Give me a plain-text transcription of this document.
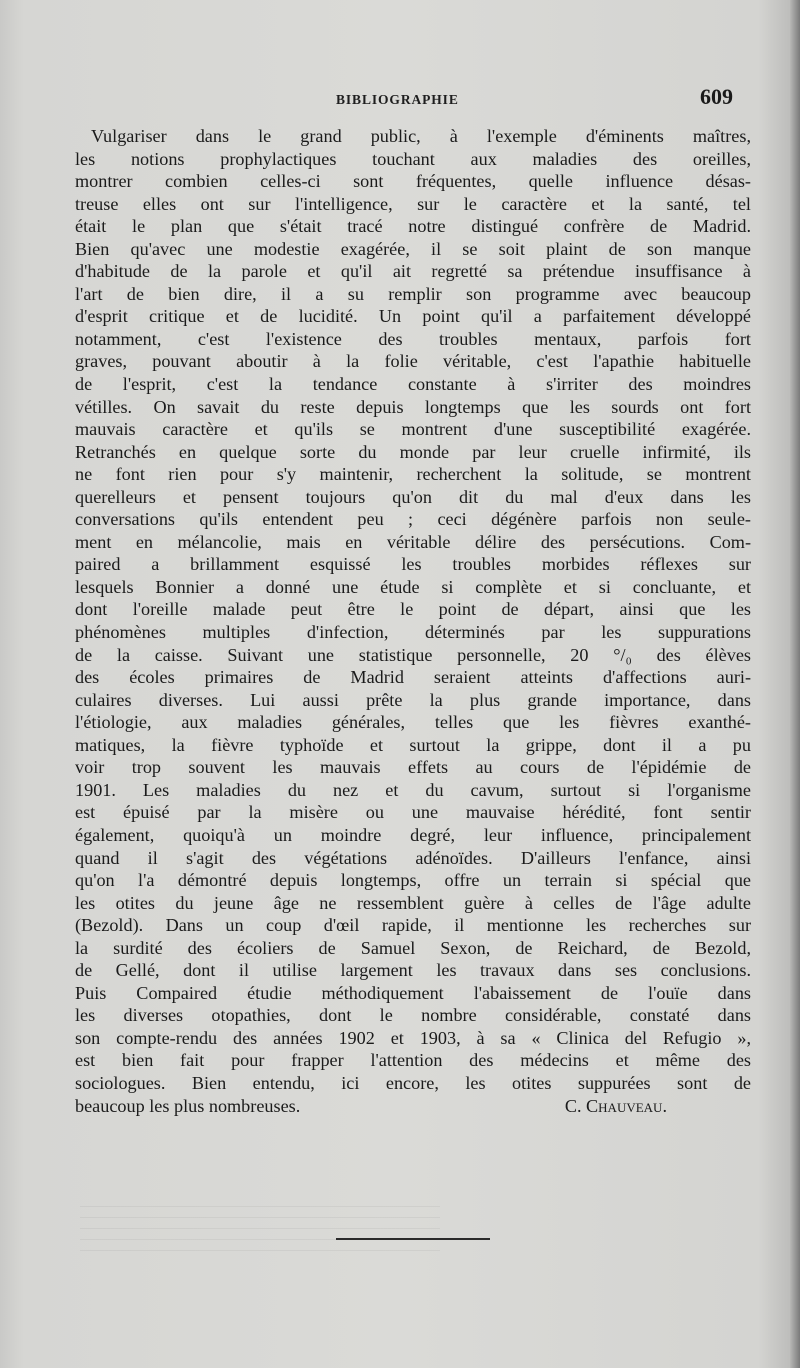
BIBLIOGRAPHIE	609
Vulgariser dans le grand public, à l'exemple d'éminents maîtres,
les notions prophylactiques touchant aux maladies des oreilles,
montrer combien celles-ci sont fréquentes, quelle influence désas-
treuse elles ont sur l'intelligence, sur le caractère et la santé, tel
était le plan que s'était tracé notre distingué confrère de Madrid.
Bien qu'avec une modestie exagérée, il se soit plaint de son manque
d'habitude de la parole et qu'il ait regretté sa prétendue insuffisance à
l'art de bien dire, il a su remplir son programme avec beaucoup
d'esprit critique et de lucidité. Un point qu'il a parfaitement développé
notamment, c'est l'existence des troubles mentaux, parfois fort
graves, pouvant aboutir à la folie véritable, c'est l'apathie habituelle
de l'esprit, c'est la tendance constante à s'irriter des moindres
vétilles. On savait du reste depuis longtemps que les sourds ont fort
mauvais caractère et qu'ils se montrent d'une susceptibilité exagérée.
Retranchés en quelque sorte du monde par leur cruelle infirmité, ils
ne font rien pour s'y maintenir, recherchent la solitude, se montrent
querelleurs et pensent toujours qu'on dit du mal d'eux dans les
conversations qu'ils entendent peu ; ceci dégénère parfois non seule-
ment en mélancolie, mais en véritable délire des persécutions. Com-
paired a brillamment esquissé les troubles morbides réflexes sur
lesquels Bonnier a donné une étude si complète et si concluante, et
dont l'oreille malade peut être le point de départ, ainsi que les
phénomènes multiples d'infection, déterminés par les suppurations
de la caisse. Suivant une statistique personnelle, 20 °/₀ des élèves
des écoles primaires de Madrid seraient atteints d'affections auri-
culaires diverses. Lui aussi prête la plus grande importance, dans
l'étiologie, aux maladies générales, telles que les fièvres exanthé-
matiques, la fièvre typhoïde et surtout la grippe, dont il a pu
voir trop souvent les mauvais effets au cours de l'épidémie de
1901. Les maladies du nez et du cavum, surtout si l'organisme
est épuisé par la misère ou une mauvaise hérédité, font sentir
également, quoiqu'à un moindre degré, leur influence, principalement
quand il s'agit des végétations adénoïdes. D'ailleurs l'enfance, ainsi
qu'on l'a démontré depuis longtemps, offre un terrain si spécial que
les otites du jeune âge ne ressemblent guère à celles de l'âge adulte
(Bezold). Dans un coup d'œil rapide, il mentionne les recherches sur
la surdité des écoliers de Samuel Sexon, de Reichard, de Bezold,
de Gellé, dont il utilise largement les travaux dans ses conclusions.
Puis Compaired étudie méthodiquement l'abaissement de l'ouïe dans
les diverses otopathies, dont le nombre considérable, constaté dans
son compte-rendu des années 1902 et 1903, à sa « Clinica del Refugio »,
est bien fait pour frapper l'attention des médecins et même des
sociologues. Bien entendu, ici encore, les otites suppurées sont de
beaucoup les plus nombreuses.	C. Chauveau.
